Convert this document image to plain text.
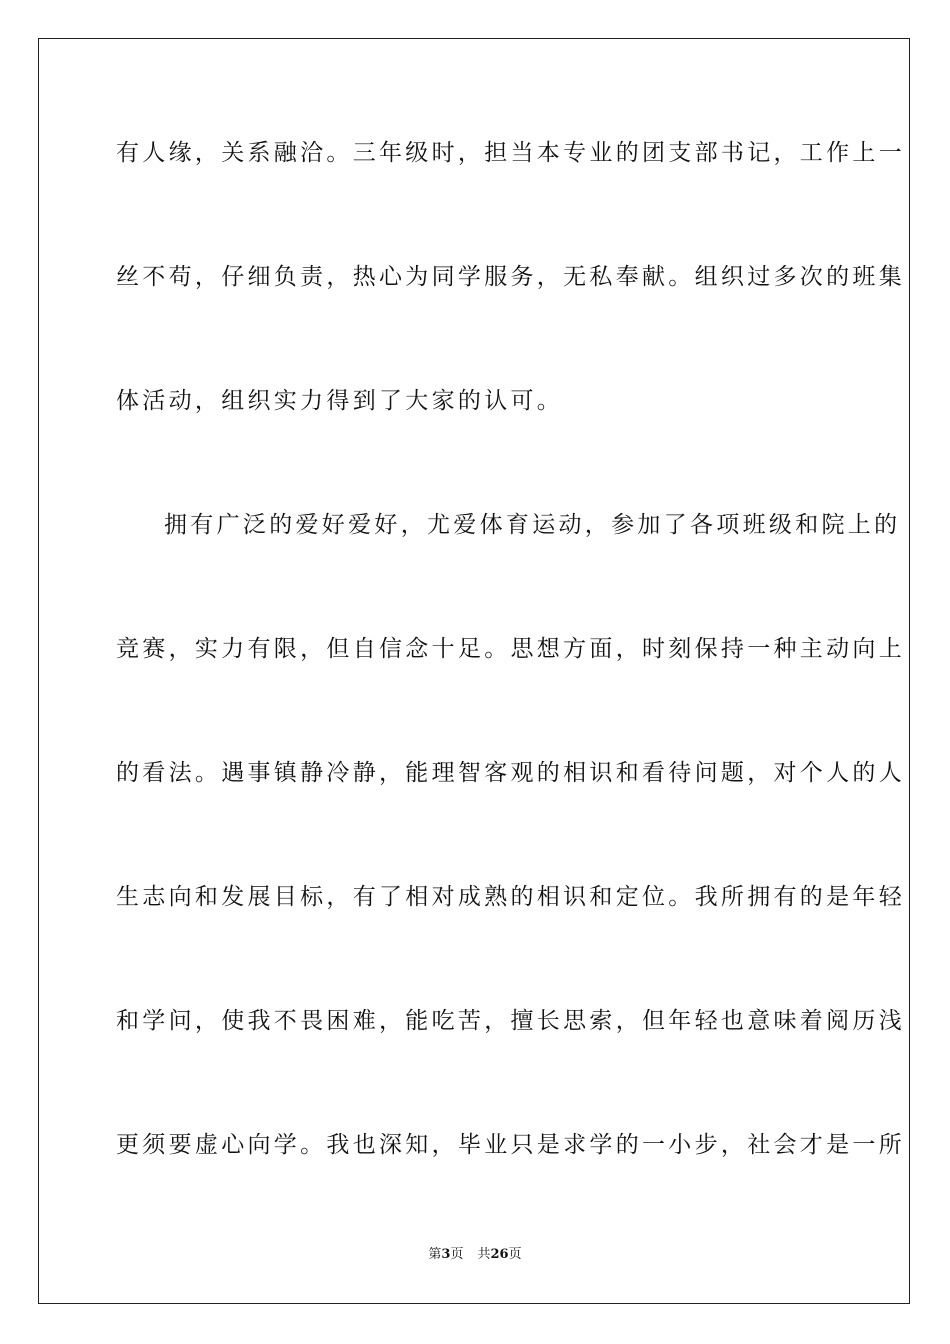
有人缘，关系融洽。三年级时，担当本专业的团支部书记，工作上一
丝不苟，仔细负责，热心为同学服务，无私奉献。组织过多次的班集
体活动，组织实力得到了大家的认可。
拥有广泛的爱好爱好，尤爱体育运动，参加了各项班级和院上的
竞赛，实力有限，但自信念十足。思想方面，时刻保持一种主动向上
的看法。遇事镇静冷静，能理智客观的相识和看待问题，对个人的人
生志向和发展目标，有了相对成熟的相识和定位。我所拥有的是年轻
和学问，使我不畏困难，能吃苦，擅长思索，但年轻也意味着阅历浅
更须要虚心向学。我也深知，毕业只是求学的一小步，社会才是一所
第3页 共26页
